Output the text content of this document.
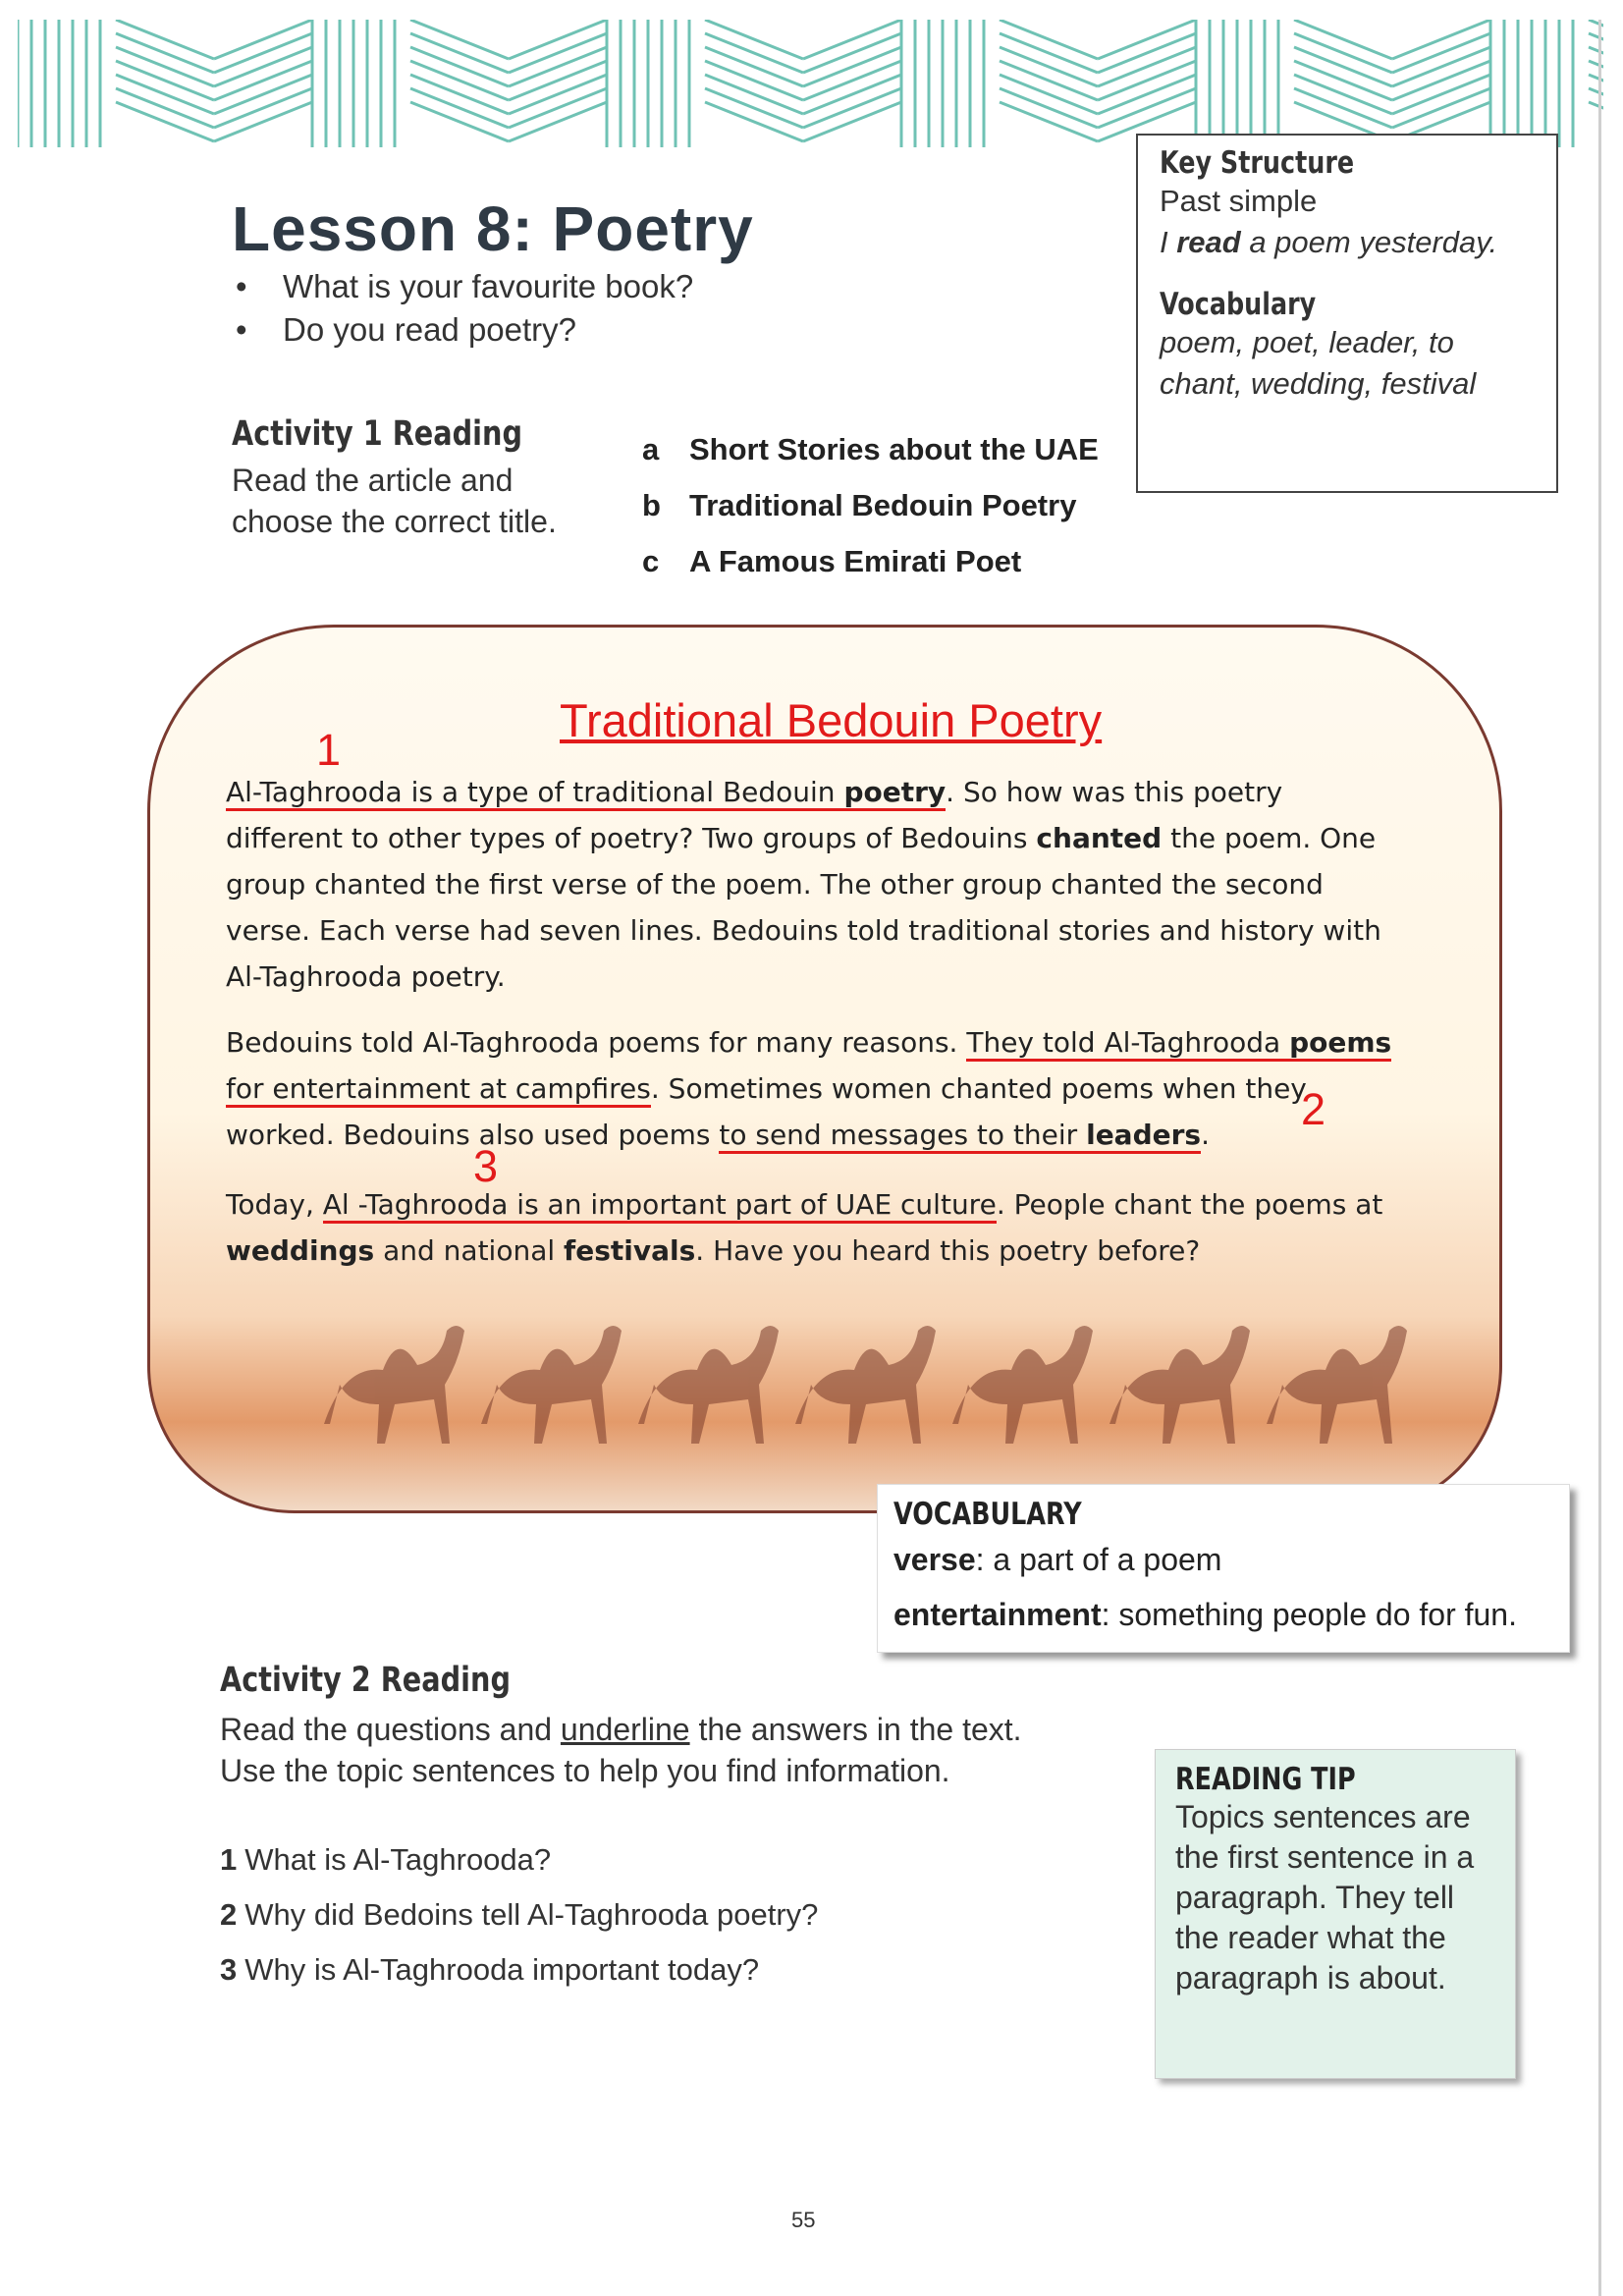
Lesson 8: Poetry
• What is your favourite book?
• Do you read poetry?
Key Structure
Past simple
I read a poem yesterday.
Vocabulary
poem, poet, leader, to
chant, wedding, festival
Activity 1 Reading
Read the article and
choose the correct title.
a Short Stories about the UAE
b Traditional Bedouin Poetry
c A Famous Emirati Poet
Traditional Bedouin Poetry
1
2
3
Al-Taghrooda is a type of traditional Bedouin poetry. So how was this poetry different to other types of poetry? Two groups of Bedouins chanted the poem. One group chanted the first verse of the poem. The other group chanted the second verse. Each verse had seven lines. Bedouins told traditional stories and history with Al-Taghrooda poetry.
Bedouins told Al-Taghrooda poems for many reasons. They told Al-Taghrooda poems for entertainment at campfires. Sometimes women chanted poems when they worked. Bedouins also used poems to send messages to their leaders.
Today, Al -Taghrooda is an important part of UAE culture. People chant the poems at weddings and national festivals. Have you heard this poetry before?
VOCABULARY
verse: a part of a poem
entertainment: something people do for fun.
Activity 2 Reading
Read the questions and underline the answers in the text.
Use the topic sentences to help you find information.
1 What is Al-Taghrooda?
2 Why did Bedoins tell Al-Taghrooda poetry?
3 Why is Al-Taghrooda important today?
READING TIP
Topics sentences are the first sentence in a paragraph. They tell the reader what the paragraph is about.
55
